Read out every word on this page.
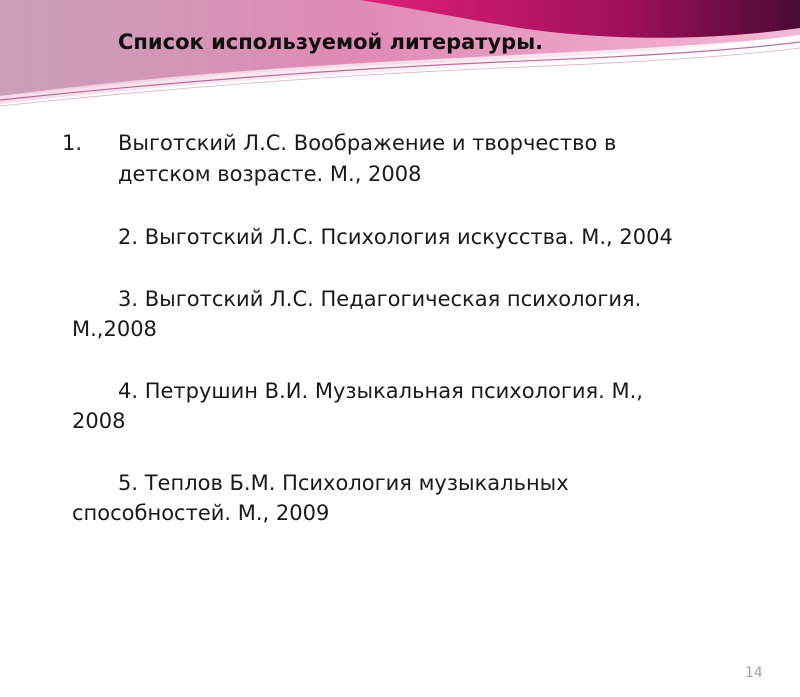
Список используемой литературы.
1. Выготский Л.С. Воображение и творчество в
детском возрасте. М., 2008
2. Выготский Л.С. Психология искусства. М., 2004
3. Выготский Л.С. Педагогическая психология.
М.,2008
4. Петрушин В.И. Музыкальная психология. М.,
2008
5. Теплов Б.М. Психология музыкальных
способностей. М., 2009
14
